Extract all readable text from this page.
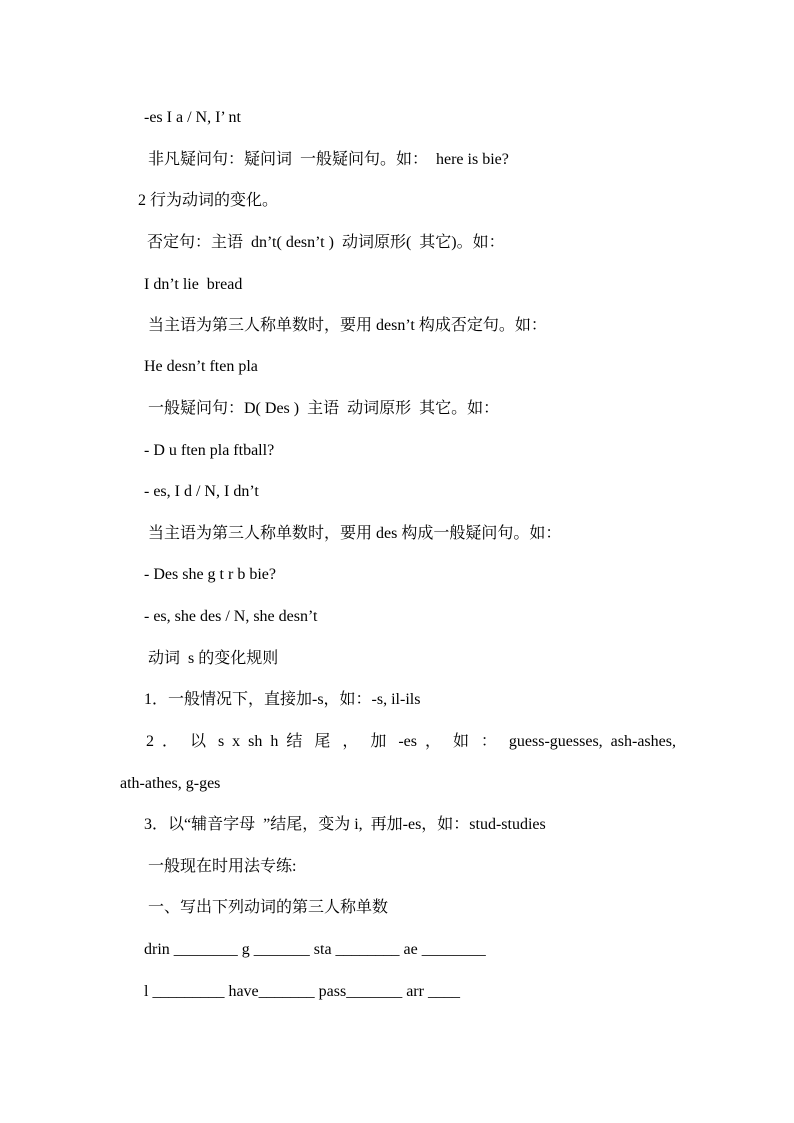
-es I a / N, I’ nt
非凡疑问句：疑问词  一般疑问句。如：  here is bie?
2 行为动词的变化。
否定句：主语  dn’t( desn’t )  动词原形(  其它)。如：
I dn’t lie  bread
当主语为第三人称单数时，要用 desn’t 构成否定句。如：
He desn’t ften pla
一般疑问句：D( Des )  主语  动词原形  其它。如：
- D u ften pla ftball?
- es, I d / N, I dn’t
当主语为第三人称单数时，要用 des 构成一般疑问句。如：
- Des she g t r b bie?
- es, she des / N, she desn’t
动词  s 的变化规则
1．一般情况下，直接加-s，如：-s, il-ils
2 ． 以 s x sh h 结 尾 ， 加 -es ， 如 ： guess-guesses, ash-ashes,
ath-athes, g-ges
3．以“辅音字母  ”结尾，变为 i,  再加-es，如：stud-studies
一般现在时用法专练:
一、写出下列动词的第三人称单数
drin ________ g _______ sta ________ ae ________
l _________ have_______ pass_______ arr ____
